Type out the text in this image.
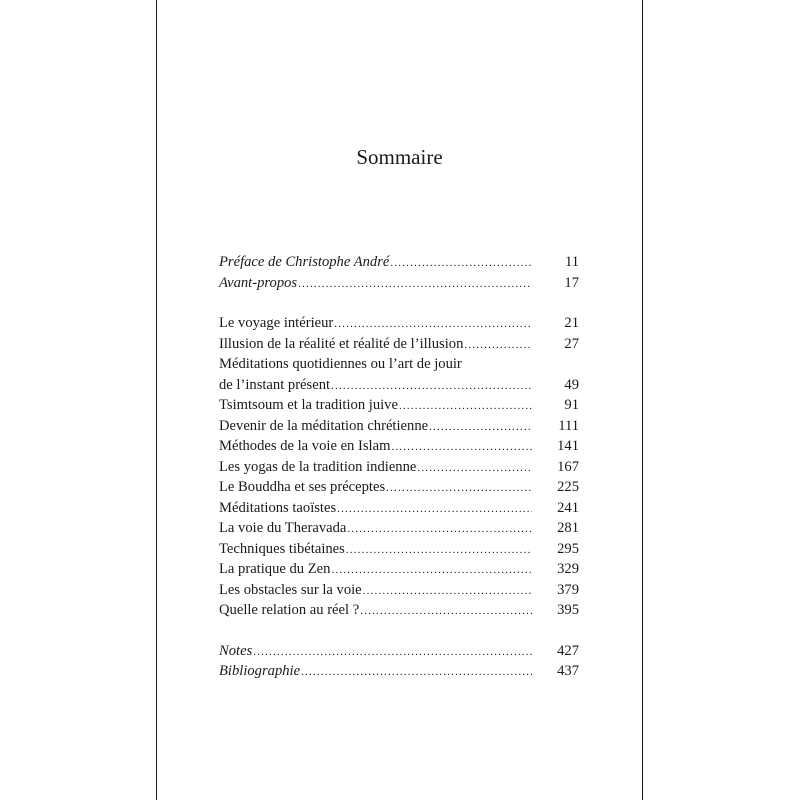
Sommaire
Préface de Christophe André .....	11
Avant-propos .....	17
Le voyage intérieur .....	21
Illusion de la réalité et réalité de l’illusion .....	27
Méditations quotidiennes ou l’art de jouir
de l’instant présent .....	49
Tsimtsoum et la tradition juive .....	91
Devenir de la méditation chrétienne .....	111
Méthodes de la voie en Islam .....	141
Les yogas de la tradition indienne .....	167
Le Bouddha et ses préceptes .....	225
Méditations taoïstes .....	241
La voie du Theravada .....	281
Techniques tibétaines .....	295
La pratique du Zen .....	329
Les obstacles sur la voie .....	379
Quelle relation au réel ? .....	395
Notes .....	427
Bibliographie .....	437
